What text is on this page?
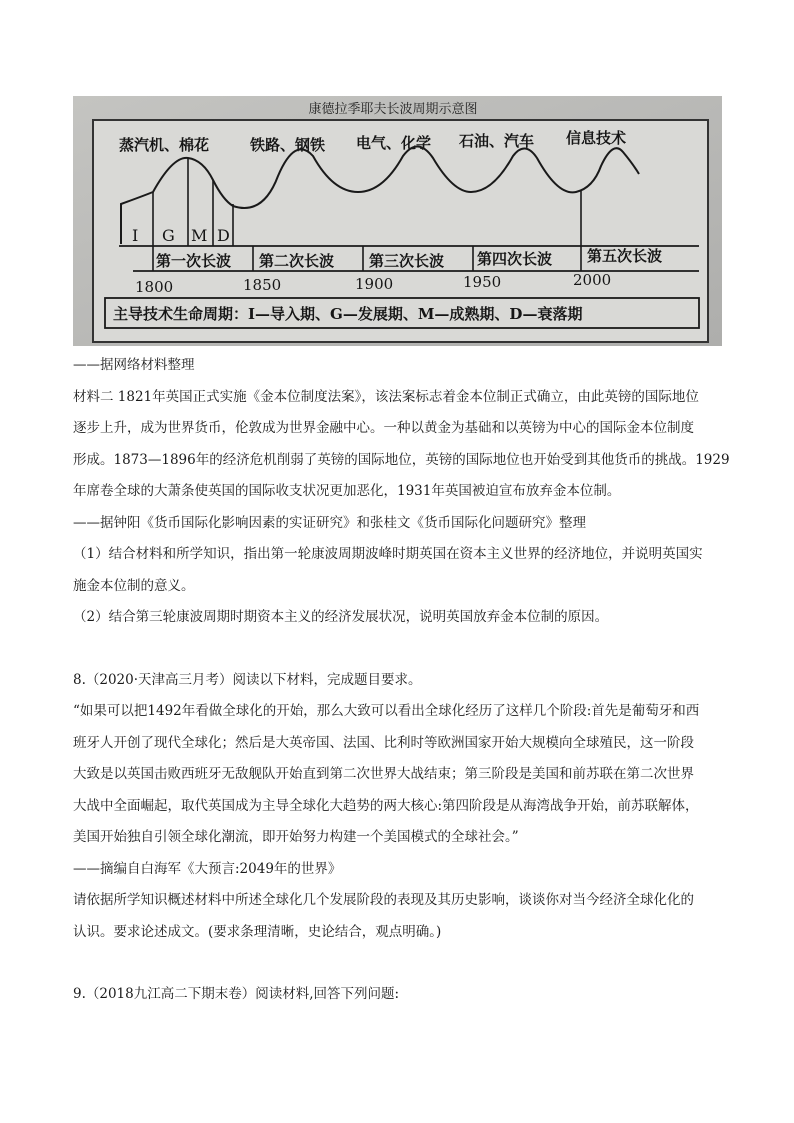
康德拉季耶夫长波周期示意图
蒸汽机、棉花	铁路、钢铁 电气、化学 石油、汽车 信息技术
I G M D
第一次长波 第二次长波 第三次长波 第四次长波 第五次长波
1800	1850	1900	1950	2000
主导技术生命周期：I—导入期、G—发展期、M—成熟期、D—衰落期
——据网络材料整理
材料二 1821年英国正式实施《金本位制度法案》，该法案标志着金本位制正式确立，由此英镑的国际地位
逐步上升，成为世界货币，伦敦成为世界金融中心。一种以黄金为基础和以英镑为中心的国际金本位制度
形成。1873—1896年的经济危机削弱了英镑的国际地位，英镑的国际地位也开始受到其他货币的挑战。1929
年席卷全球的大萧条使英国的国际收支状况更加恶化，1931年英国被迫宣布放弃金本位制。
——据钟阳《货币国际化影响因素的实证研究》和张桂文《货币国际化问题研究》整理
（1）结合材料和所学知识，指出第一轮康波周期波峰时期英国在资本主义世界的经济地位，并说明英国实
施金本位制的意义。
（2）结合第三轮康波周期时期资本主义的经济发展状况，说明英国放弃金本位制的原因。
8.（2020·天津高三月考）阅读以下材料，完成题目要求。
“如果可以把1492年看做全球化的开始，那么大致可以看出全球化经历了这样几个阶段:首先是葡萄牙和西
班牙人开创了现代全球化；然后是大英帝国、法国、比利时等欧洲国家开始大规模向全球殖民，这一阶段
大致是以英国击败西班牙无敌舰队开始直到第二次世界大战结束；第三阶段是美国和前苏联在第二次世界
大战中全面崛起，取代英国成为主导全球化大趋势的两大核心:第四阶段是从海湾战争开始，前苏联解体，
美国开始独自引领全球化潮流，即开始努力构建一个美国模式的全球社会。”
——摘编自白海军《大预言:2049年的世界》
请依据所学知识概述材料中所述全球化几个发展阶段的表现及其历史影响，谈谈你对当今经济全球化化的
认识。要求论述成文。(要求条理清晰，史论结合，观点明确。)
9.（2018九江高二下期末卷）阅读材料,回答下列问题:
